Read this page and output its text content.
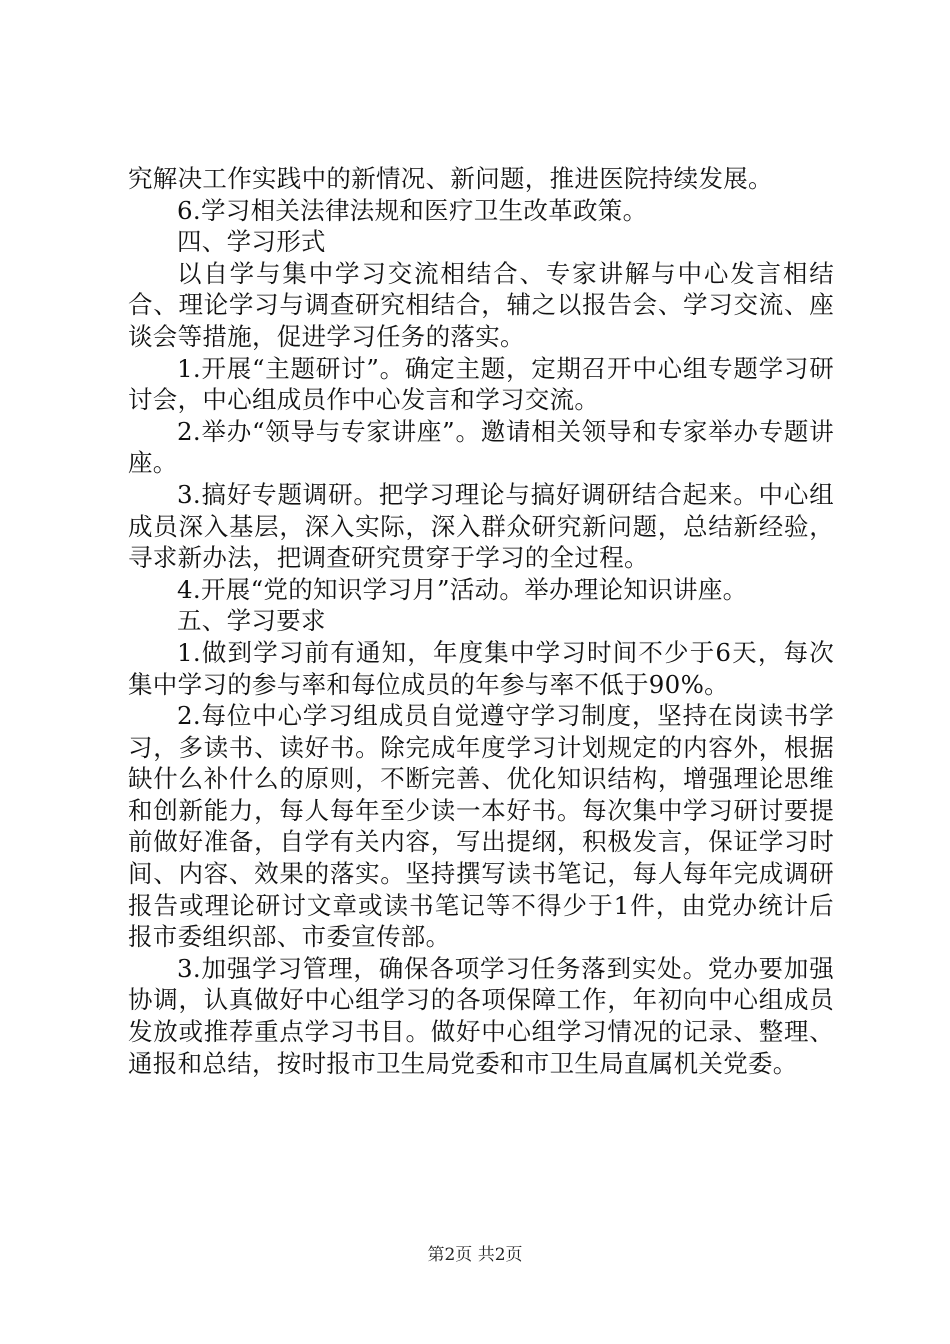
究解决工作实践中的新情况、新问题，推进医院持续发展。

6.学习相关法律法规和医疗卫生改革政策。

四、学习形式

以自学与集中学习交流相结合、专家讲解与中心发言相结合、理论学习与调查研究相结合，辅之以报告会、学习交流、座谈会等措施，促进学习任务的落实。

1.开展“主题研讨”。确定主题，定期召开中心组专题学习研讨会，中心组成员作中心发言和学习交流。

2.举办“领导与专家讲座”。邀请相关领导和专家举办专题讲座。

3.搞好专题调研。把学习理论与搞好调研结合起来。中心组成员深入基层，深入实际，深入群众研究新问题，总结新经验，寻求新办法，把调查研究贯穿于学习的全过程。

4.开展“党的知识学习月”活动。举办理论知识讲座。

五、学习要求

1.做到学习前有通知，年度集中学习时间不少于6天，每次集中学习的参与率和每位成员的年参与率不低于90%。

2.每位中心学习组成员自觉遵守学习制度，坚持在岗读书学习，多读书、读好书。除完成年度学习计划规定的内容外，根据缺什么补什么的原则，不断完善、优化知识结构，增强理论思维和创新能力，每人每年至少读一本好书。每次集中学习研讨要提前做好准备，自学有关内容，写出提纲，积极发言，保证学习时间、内容、效果的落实。坚持撰写读书笔记，每人每年完成调研报告或理论研讨文章或读书笔记等不得少于1件，由党办统计后报市委组织部、市委宣传部。

3.加强学习管理，确保各项学习任务落到实处。党办要加强协调，认真做好中心组学习的各项保障工作，年初向中心组成员发放或推荐重点学习书目。做好中心组学习情况的记录、整理、通报和总结，按时报市卫生局党委和市卫生局直属机关党委。

第2页 共2页
